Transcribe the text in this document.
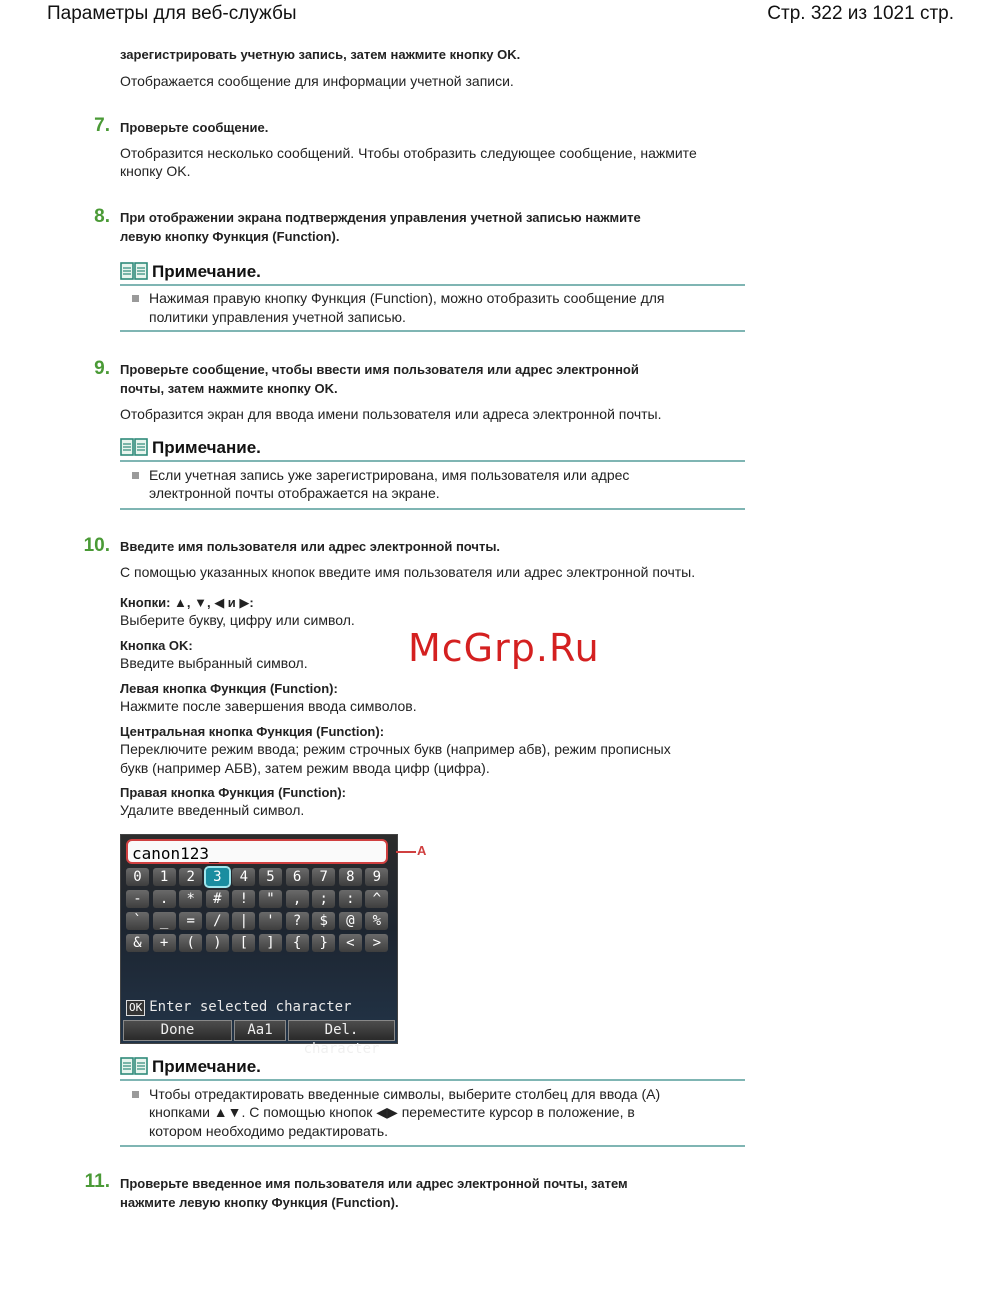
Параметры для веб-службы	Стр. 322 из 1021 стр.
зарегистрировать учетную запись, затем нажмите кнопку OK.
Отображается сообщение для информации учетной записи.
7. Проверьте сообщение.
Отобразится несколько сообщений. Чтобы отобразить следующее сообщение, нажмите
кнопку OK.
8. При отображении экрана подтверждения управления учетной записью нажмите
левую кнопку Функция (Function).
Примечание.
Нажимая правую кнопку Функция (Function), можно отобразить сообщение для
политики управления учетной записью.
9. Проверьте сообщение, чтобы ввести имя пользователя или адрес электронной
почты, затем нажмите кнопку OK.
Отобразится экран для ввода имени пользователя или адреса электронной почты.
Примечание.
Если учетная запись уже зарегистрирована, имя пользователя или адрес
электронной почты отображается на экране.
10. Введите имя пользователя или адрес электронной почты.
С помощью указанных кнопок введите имя пользователя или адрес электронной почты.
Кнопки: ▲, ▼, ◀ и ▶:
Выберите букву, цифру или символ.
Кнопка OK:
Введите выбранный символ.
Левая кнопка Функция (Function):
Нажмите после завершения ввода символов.
Центральная кнопка Функция (Function):
Переключите режим ввода; режим строчных букв (например абв), режим прописных
букв (например АБВ), затем режим ввода цифр (цифра).
Правая кнопка Функция (Function):
Удалите введенный символ.
McGrp.Ru
canon123_
0	1	2	3	4	5	6	7	8	9
-	.	*	#	!	"	,	;	:	^
`	_	=	/	|	'	?	$	@	%
&	+	(	)	[	]	{	}	<	>
OK Enter selected character
Done	Aa1	Del. character
A
Примечание.
Чтобы отредактировать введенные символы, выберите столбец для ввода (A)
кнопками ▲▼. С помощью кнопок ◀▶ переместите курсор в положение, в
котором необходимо редактировать.
11. Проверьте введенное имя пользователя или адрес электронной почты, затем
нажмите левую кнопку Функция (Function).
